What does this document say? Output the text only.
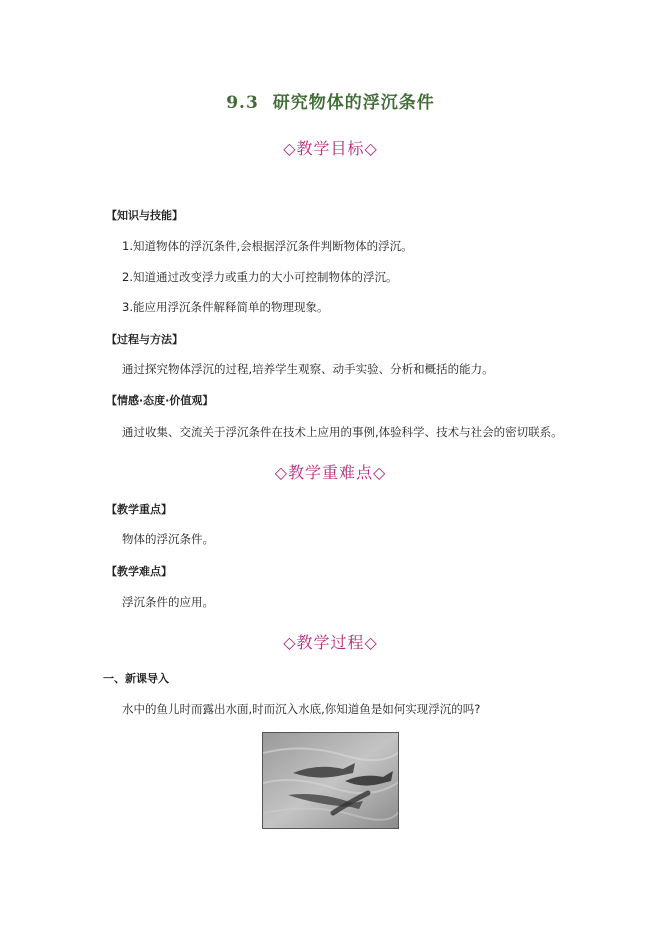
9.3 研究物体的浮沉条件
◇教学目标◇
【知识与技能】
1.知道物体的浮沉条件,会根据浮沉条件判断物体的浮沉。
2.知道通过改变浮力或重力的大小可控制物体的浮沉。
3.能应用浮沉条件解释简单的物理现象。
【过程与方法】
通过探究物体浮沉的过程,培养学生观察、动手实验、分析和概括的能力。
【情感·态度·价值观】
通过收集、交流关于浮沉条件在技术上应用的事例,体验科学、技术与社会的密切联系。
◇教学重难点◇
【教学重点】
物体的浮沉条件。
【教学难点】
浮沉条件的应用。
◇教学过程◇
一、新课导入
水中的鱼儿时而露出水面,时而沉入水底,你知道鱼是如何实现浮沉的吗?
